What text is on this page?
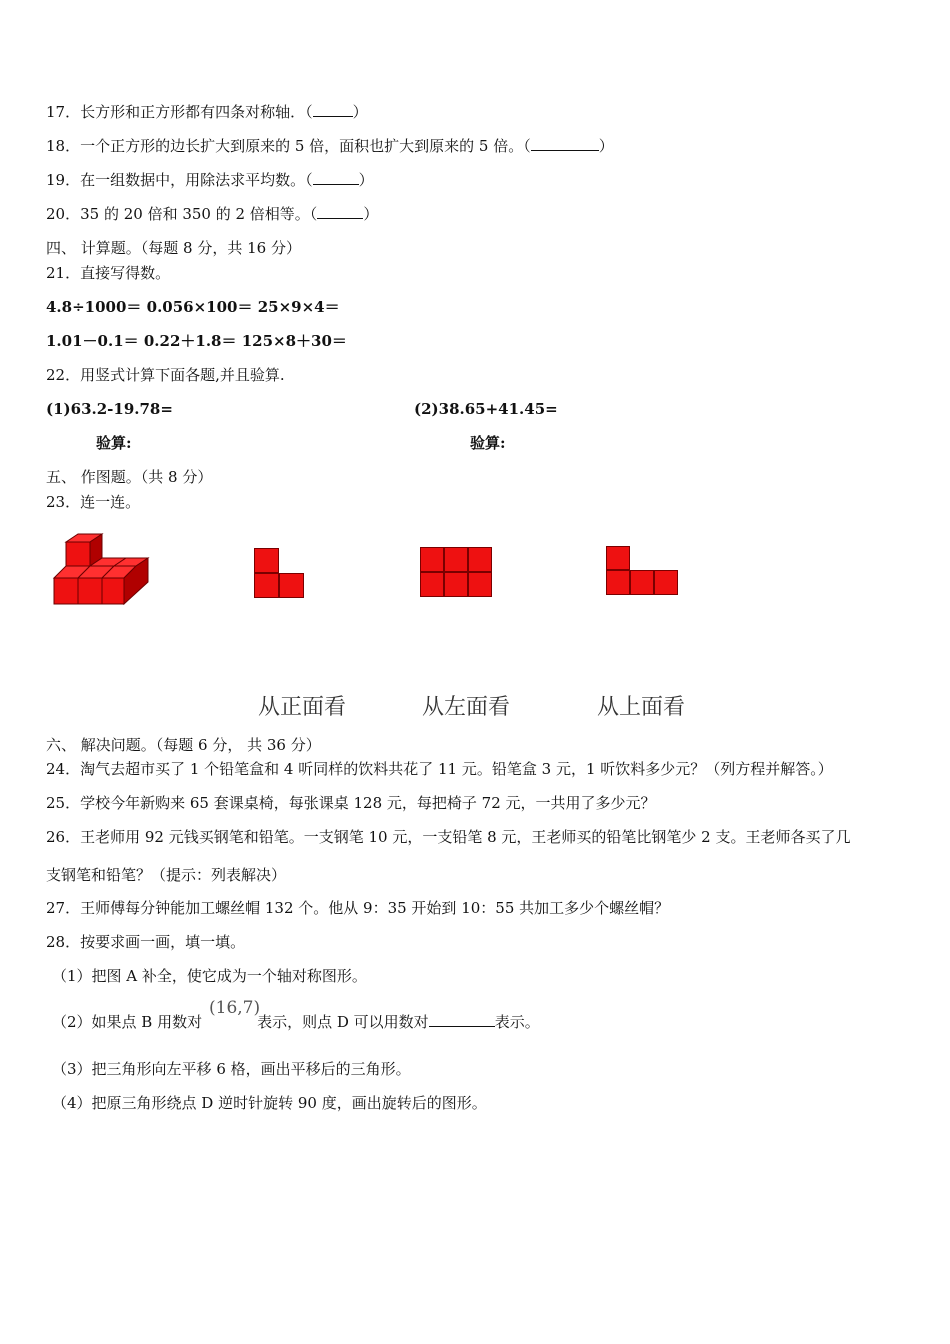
17．长方形和正方形都有四条对称轴．（	）
18．一个正方形的边长扩大到原来的 5 倍，面积也扩大到原来的 5 倍。（	）
19．在一组数据中，用除法求平均数。（	）
20．35 的 20 倍和 350 的 2 倍相等。（	）
四、 计算题。（每题 8 分，共 16 分）
21．直接写得数。
4.8÷1000＝ 0.056×100＝ 25×9×4＝
1.01－0.1＝ 0.22＋1.8＝ 125×8＋30＝
22．用竖式计算下面各题,并且验算.
(1)63.2-19.78=	(2)38.65+41.45=
验算:	验算:
五、 作图题。（共 8 分）
23．连一连。
从正面看	从左面看	从上面看
六、 解决问题。（每题 6 分， 共 36 分）
24．淘气去超市买了 1 个铅笔盒和 4 听同样的饮料共花了 11 元。铅笔盒 3 元，1 听饮料多少元？（列方程并解答。）
25．学校今年新购来 65 套课桌椅，每张课桌 128 元，每把椅子 72 元，一共用了多少元？
26．王老师用 92 元钱买钢笔和铅笔。一支钢笔 10 元，一支铅笔 8 元，王老师买的铅笔比钢笔少 2 支。王老师各买了几
支钢笔和铅笔？（提示：列表解决）
27．王师傅每分钟能加工螺丝帽 132 个。他从 9：35 开始到 10：55 共加工多少个螺丝帽？
28．按要求画一画，填一填。
（1）把图 A 补全，使它成为一个轴对称图形。
（2）如果点 B 用数对	表示，则点 D 可以用数对	表示。
(16,7)
（3）把三角形向左平移 6 格，画出平移后的三角形。
（4）把原三角形绕点 D 逆时针旋转 90 度，画出旋转后的图形。
